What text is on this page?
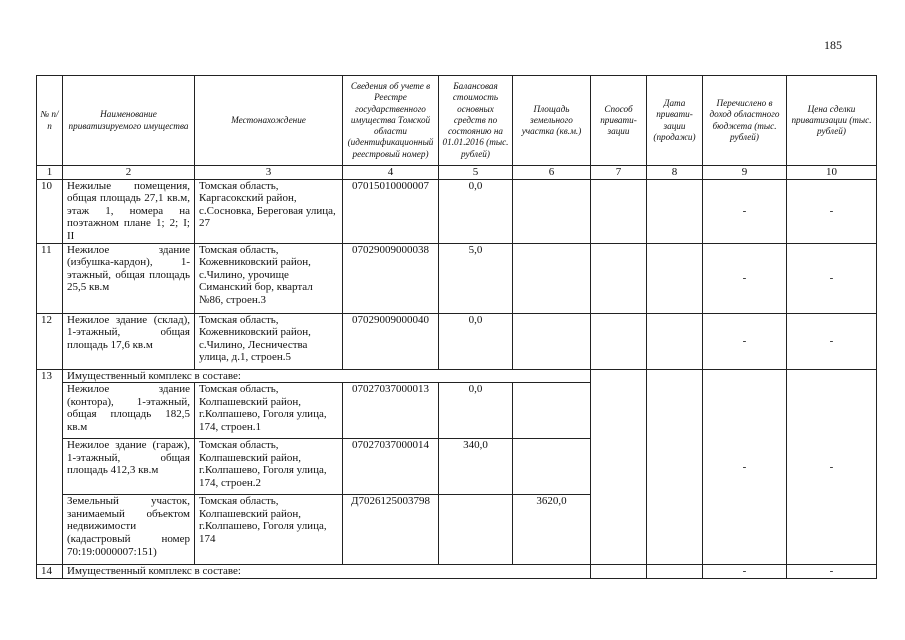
185
№ п/п	Наименование приватизируемого имущества	Местонахождение	Сведения об учете в Реестре государственного имущества Томской области (идентификационный реестровый номер)	Балансовая стоимость основных средств по состоянию на 01.01.2016 (тыс. рублей)	Площадь земельного участка (кв.м.)	Способ привати-зации	Дата привати-зации (продажи)	Перечислено в доход областного бюджета (тыс. рублей)	Цена сделки приватизации (тыс. рублей)
1	2	3	4	5	6	7	8	9	10
10	Нежилые помещения, общая площадь 27,1 кв.м, этаж 1, номера на поэтажном плане 1; 2; I; II	Томская область, Каргасокский район, с.Сосновка, Береговая улица, 27	07015010000007	0,0				-	-
11	Нежилое здание (избушка-кардон), 1-этажный, общая площадь 25,5 кв.м	Томская область, Кожевниковский район, с.Чилино, урочище Симанский бор, квартал №86, строен.3	07029009000038	5,0				-	-
12	Нежилое здание (склад), 1-этажный, общая площадь 17,6 кв.м	Томская область, Кожевниковский район, с.Чилино, Лесничества улица, д.1, строен.5	07029009000040	0,0				-	-
13	Имущественный комплекс в составе:							-	-
	Нежилое здание (контора), 1-этажный, общая площадь 182,5 кв.м	Томская область, Колпашевский район, г.Колпашево, Гоголя улица, 174, строен.1	07027037000013	0,0					
	Нежилое здание (гараж), 1-этажный, общая площадь 412,3 кв.м	Томская область, Колпашевский район, г.Колпашево, Гоголя улица, 174, строен.2	07027037000014	340,0					
	Земельный участок, занимаемый объектом недвижимости (кадастровый номер 70:19:0000007:151)	Томская область, Колпашевский район, г.Колпашево, Гоголя улица, 174	Д7026125003798		3620,0				
14	Имущественный комплекс в составе:							-	-
